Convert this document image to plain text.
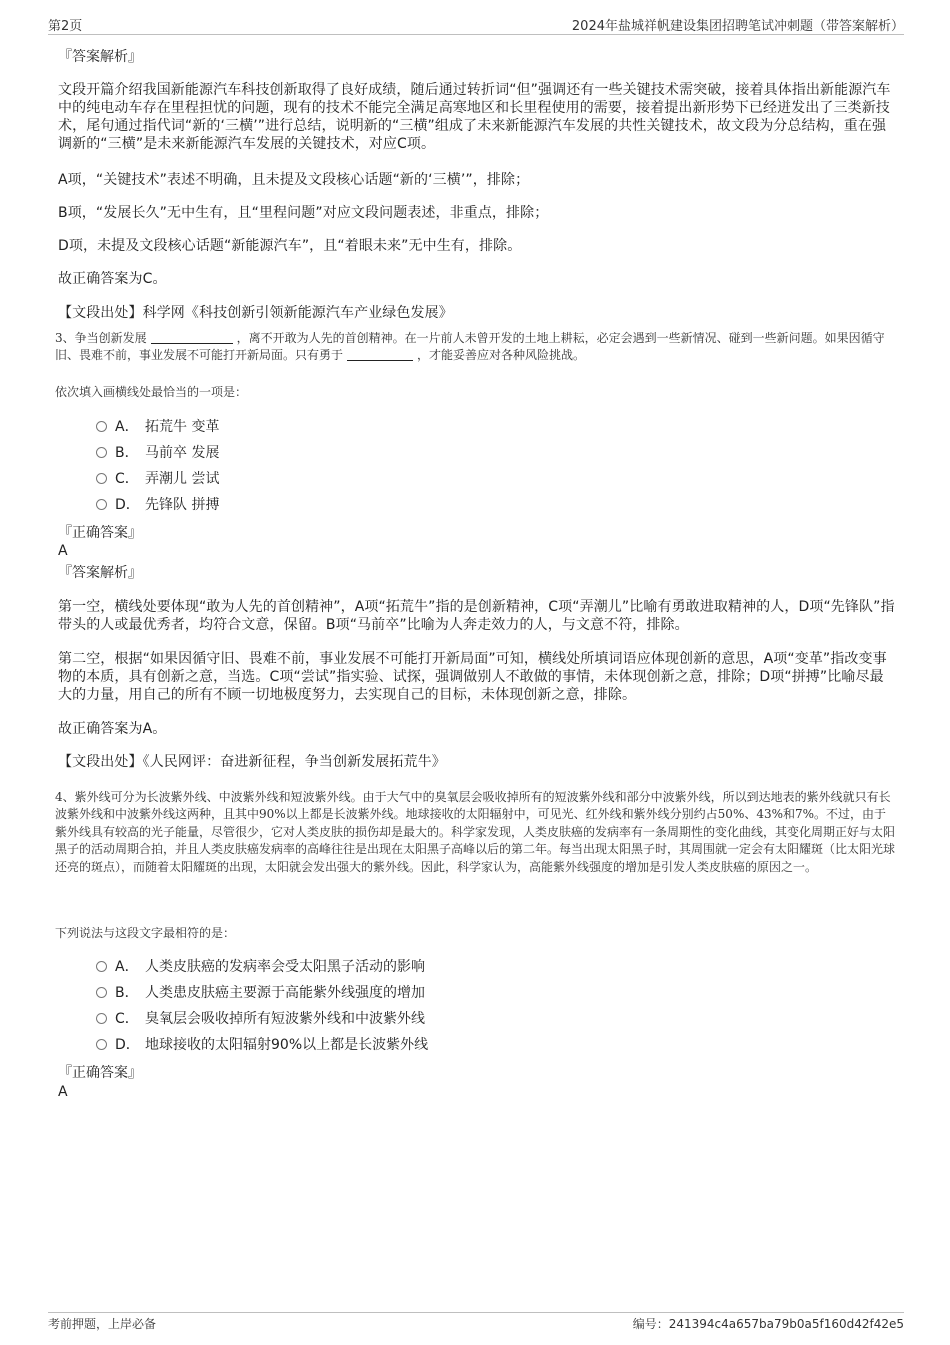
第2页	2024年盐城祥帆建设集团招聘笔试冲刺题（带答案解析）
『答案解析』
文段开篇介绍我国新能源汽车科技创新取得了良好成绩，随后通过转折词“但”强调还有一些关键技术需突破，接着具体指出新能源汽车中的纯电动车存在里程担忧的问题，现有的技术不能完全满足高寒地区和长里程使用的需要，接着提出新形势下已经迸发出了三类新技术，尾句通过指代词“新的‘三横’”进行总结，说明新的“三横”组成了未来新能源汽车发展的共性关键技术，故文段为分总结构，重在强调新的“三横”是未来新能源汽车发展的关键技术，对应C项。
A项，“关键技术”表述不明确，且未提及文段核心话题“新的‘三横’”，排除；
B项，“发展长久”无中生有，且“里程问题”对应文段问题表述，非重点，排除；
D项，未提及文段核心话题“新能源汽车”，且“着眼未来”无中生有，排除。
故正确答案为C。
【文段出处】科学网《科技创新引领新能源汽车产业绿色发展》
3、争当创新发展	，离不开敢为人先的首创精神。在一片前人未曾开发的土地上耕耘，必定会遇到一些新情况、碰到一些新问题。如果因循守旧、畏难不前，事业发展不可能打开新局面。只有勇于	，才能妥善应对各种风险挑战。
依次填入画横线处最恰当的一项是：
A． 拓荒牛 变革
B． 马前卒 发展
C． 弄潮儿 尝试
D． 先锋队 拼搏
『正确答案』
A
『答案解析』
第一空，横线处要体现“敢为人先的首创精神”，A项“拓荒牛”指的是创新精神，C项“弄潮儿”比喻有勇敢进取精神的人，D项“先锋队”指带头的人或最优秀者，均符合文意，保留。B项“马前卒”比喻为人奔走效力的人，与文意不符，排除。
第二空，根据“如果因循守旧、畏难不前，事业发展不可能打开新局面”可知，横线处所填词语应体现创新的意思，A项“变革”指改变事物的本质，具有创新之意，当选。C项“尝试”指实验、试探，强调做别人不敢做的事情，未体现创新之意，排除；D项“拼搏”比喻尽最大的力量，用自己的所有不顾一切地极度努力，去实现自己的目标，未体现创新之意，排除。
故正确答案为A。
【文段出处】《人民网评：奋进新征程，争当创新发展拓荒牛》
4、紫外线可分为长波紫外线、中波紫外线和短波紫外线。由于大气中的臭氧层会吸收掉所有的短波紫外线和部分中波紫外线，所以到达地表的紫外线就只有长波紫外线和中波紫外线这两种，且其中90%以上都是长波紫外线。地球接收的太阳辐射中，可见光、红外线和紫外线分别约占50%、43%和7%。不过，由于紫外线具有较高的光子能量，尽管很少，它对人类皮肤的损伤却是最大的。科学家发现，人类皮肤癌的发病率有一条周期性的变化曲线，其变化周期正好与太阳黑子的活动周期合拍，并且人类皮肤癌发病率的高峰往往是出现在太阳黑子高峰以后的第二年。每当出现太阳黑子时，其周围就一定会有太阳耀斑（比太阳光球还亮的斑点），而随着太阳耀斑的出现，太阳就会发出强大的紫外线。因此，科学家认为，高能紫外线强度的增加是引发人类皮肤癌的原因之一。
下列说法与这段文字最相符的是：
A． 人类皮肤癌的发病率会受太阳黑子活动的影响
B． 人类患皮肤癌主要源于高能紫外线强度的增加
C． 臭氧层会吸收掉所有短波紫外线和中波紫外线
D． 地球接收的太阳辐射90%以上都是长波紫外线
『正确答案』
A
考前押题，上岸必备	编号：241394c4a657ba79b0a5f160d42f42e5
